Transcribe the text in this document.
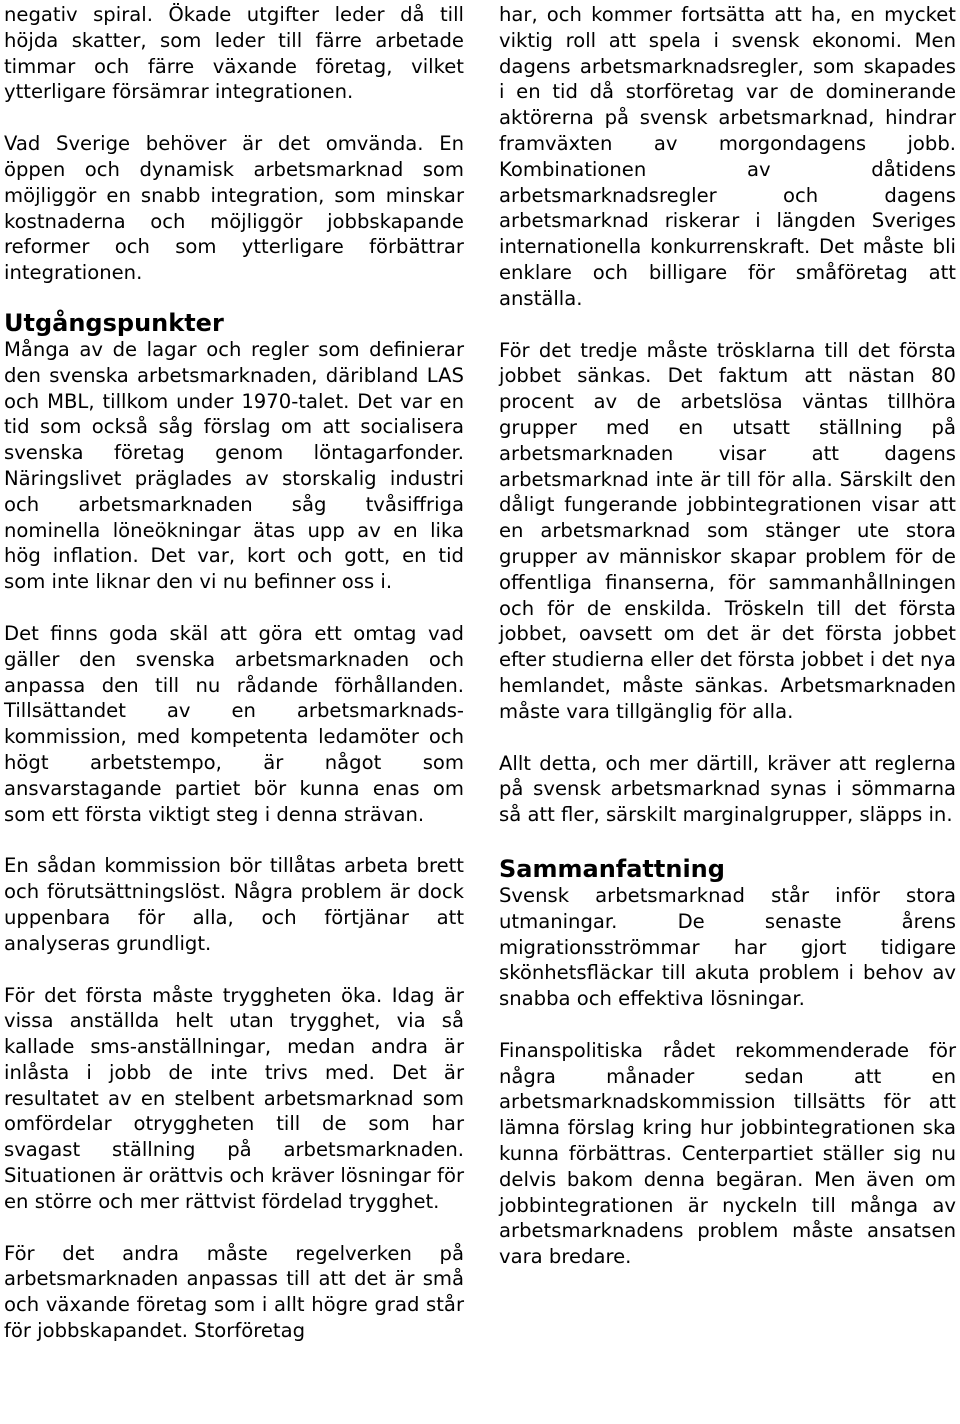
negativ spiral. Ökade utgifter leder då till höjda skatter, som leder till färre arbetade timmar och färre växande företag, vilket ytterligare försämrar integrationen.

Vad Sverige behöver är det omvända. En öppen och dynamisk arbetsmarknad som möjliggör en snabb integration, som minskar kostnaderna och möjliggör jobbskapande reformer och som ytterligare förbättrar integrationen.

Utgångspunkter

Många av de lagar och regler som definierar den svenska arbetsmarknaden, däribland LAS och MBL, tillkom under 1970-talet. Det var en tid som också såg förslag om att socialisera svenska företag genom löntagarfonder. Näringslivet präglades av storskalig industri och arbetsmarknaden såg tvåsiffriga nominella löneökningar ätas upp av en lika hög inflation. Det var, kort och gott, en tid som inte liknar den vi nu befinner oss i.

Det finns goda skäl att göra ett omtag vad gäller den svenska arbetsmarknaden och anpassa den till nu rådande förhållanden. Tillsättandet av en arbetsmarknads-kommission, med kompetenta ledamöter och högt arbetstempo, är något som ansvarstagande partiet bör kunna enas om som ett första viktigt steg i denna strävan.

En sådan kommission bör tillåtas arbeta brett och förutsättningslöst. Några problem är dock uppenbara för alla, och förtjänar att analyseras grundligt.

För det första måste tryggheten öka. Idag är vissa anställda helt utan trygghet, via så kallade sms-anställningar, medan andra är inlåsta i jobb de inte trivs med. Det är resultatet av en stelbent arbetsmarknad som omfördelar otryggheten till de som har svagast ställning på arbetsmarknaden. Situationen är orättvis och kräver lösningar för en större och mer rättvist fördelad trygghet.

För det andra måste regelverken på arbetsmarknaden anpassas till att det är små och växande företag som i allt högre grad står för jobbskapandet. Storföretag

har, och kommer fortsätta att ha, en mycket viktig roll att spela i svensk ekonomi. Men dagens arbetsmarknadsregler, som skapades i en tid då storföretag var de dominerande aktörerna på svensk arbetsmarknad, hindrar framväxten av morgondagens jobb. Kombinationen av dåtidens arbetsmarknadsregler och dagens arbetsmarknad riskerar i längden Sveriges internationella konkurrenskraft. Det måste bli enklare och billigare för småföretag att anställa.

För det tredje måste trösklarna till det första jobbet sänkas. Det faktum att nästan 80 procent av de arbetslösa väntas tillhöra grupper med en utsatt ställning på arbetsmarknaden visar att dagens arbetsmarknad inte är till för alla. Särskilt den dåligt fungerande jobbintegrationen visar att en arbetsmarknad som stänger ute stora grupper av människor skapar problem för de offentliga finanserna, för sammanhållningen och för de enskilda. Tröskeln till det första jobbet, oavsett om det är det första jobbet efter studierna eller det första jobbet i det nya hemlandet, måste sänkas. Arbetsmarknaden måste vara tillgänglig för alla.

Allt detta, och mer därtill, kräver att reglerna på svensk arbetsmarknad synas i sömmarna så att fler, särskilt marginalgrupper, släpps in.

Sammanfattning

Svensk arbetsmarknad står inför stora utmaningar. De senaste årens migrationsströmmar har gjort tidigare skönhetsfläckar till akuta problem i behov av snabba och effektiva lösningar.

Finanspolitiska rådet rekommenderade för några månader sedan att en arbetsmarknadskommission tillsätts för att lämna förslag kring hur jobbintegrationen ska kunna förbättras. Centerpartiet ställer sig nu delvis bakom denna begäran. Men även om jobbintegrationen är nyckeln till många av arbetsmarknadens problem måste ansatsen vara bredare.
